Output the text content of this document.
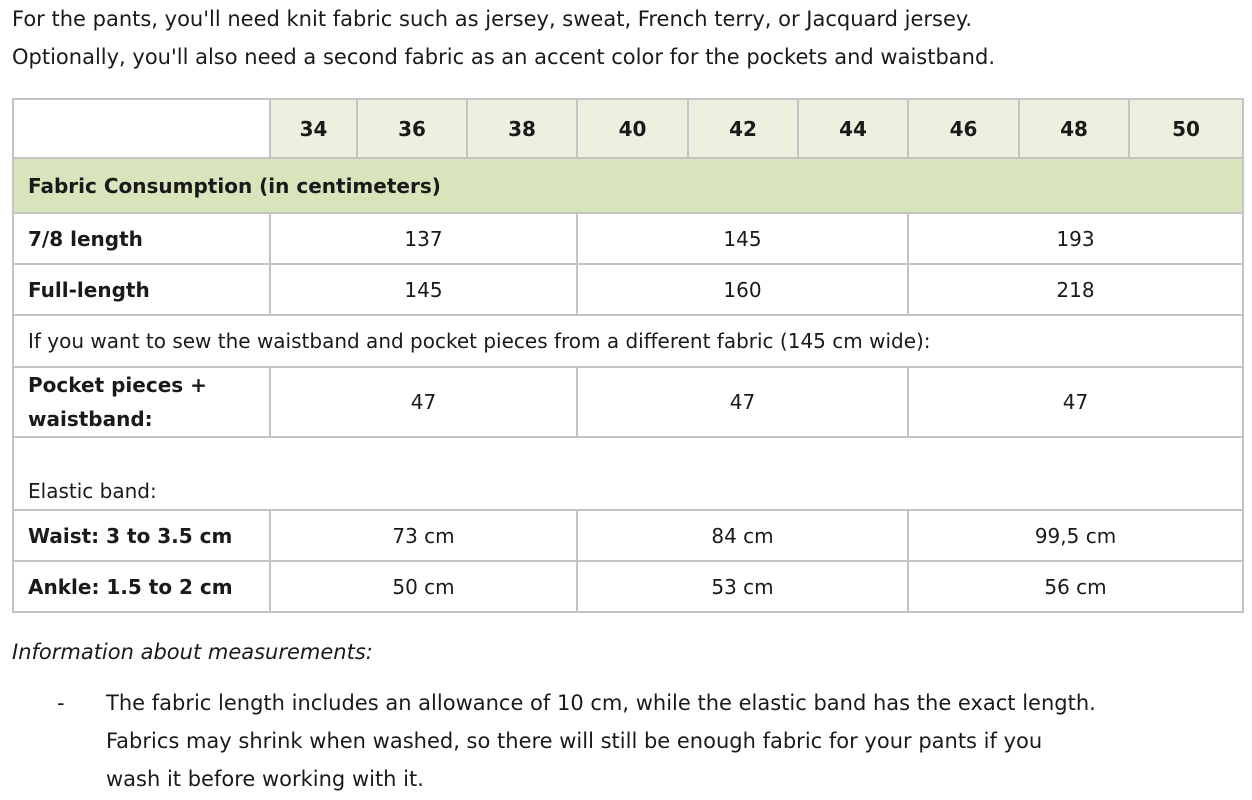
For the pants, you'll need knit fabric such as jersey, sweat, French terry, or Jacquard jersey.

Optionally, you'll also need a second fabric as an accent color for the pockets and waistband.

	34	36	38	40	42	44	46	48	50
Fabric Consumption (in centimeters)									
7/8 length	137			145			193		
Full-length	145			160			218		
If you want to sew the waistband and pocket pieces from a different fabric (145 cm wide):									

Pocket pieces +
waistband:	47			47			47		
Elastic band:									
Waist: 3 to 3.5 cm	73 cm			84 cm			99,5 cm		
Ankle: 1.5 to 2 cm	50 cm			53 cm			56 cm		

Information about measurements:

- The fabric length includes an allowance of 10 cm, while the elastic band has the exact length.
Fabrics may shrink when washed, so there will still be enough fabric for your pants if you
wash it before working with it.
